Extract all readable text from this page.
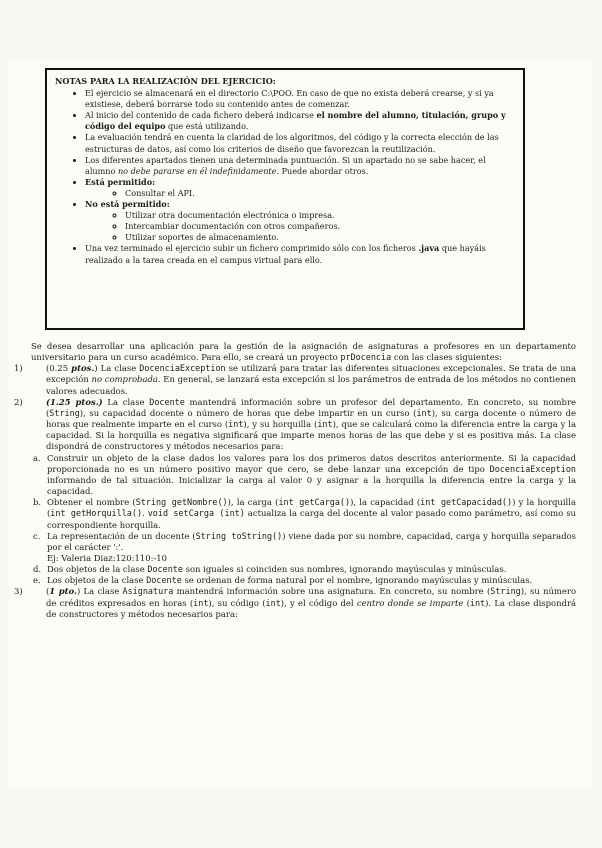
NOTAS PARA LA REALIZACIÓN DEL EJERCICIO:
• El ejercicio se almacenará en el directorio C:\POO. En caso de que no exista deberá crearse, y si ya existiese, deberá borrarse todo su contenido antes de comenzar.
• Al inicio del contenido de cada fichero deberá indicarse el nombre del alumno, titulación, grupo y código del equipo que está utilizando.
• La evaluación tendrá en cuenta la claridad de los algoritmos, del código y la correcta elección de las estructuras de datos, así como los criterios de diseño que favorezcan la reutilización.
• Los diferentes apartados tienen una determinada puntuación. Si un apartado no se sabe hacer, el alumno no debe pararse en él indefinidamente. Puede abordar otros.
• Está permitido:
◦ Consultar el API.
• No está permitido:
◦ Utilizar otra documentación electrónica o impresa.
◦ Intercambiar documentación con otros compañeros.
◦ Utilizar soportes de almacenamiento.
• Una vez terminado el ejercicio subir un fichero comprimido sólo con los ficheros .java que hayáis realizado a la tarea creada en el campus virtual para ello.

Se desea desarrollar una aplicación para la gestión de la asignación de asignaturas a profesores en un departamento universitario para un curso académico. Para ello, se creará un proyecto prDocencia con las clases siguientes:

1)	(0.25 ptos.) La clase DocenciaException se utilizará para tratar las diferentes situaciones excepcionales. Se trata de una excepción no comprobada. En general, se lanzará esta excepción si los parámetros de entrada de los métodos no contienen valores adecuados.

2)	(1.25 ptos.) La clase Docente mantendrá información sobre un profesor del departamento. En concreto, su nombre (String), su capacidad docente o número de horas que debe impartir en un curso (int), su carga docente o número de horas que realmente imparte en el curso (int), y su horquilla (int), que se calculará como la diferencia entre la carga y la capacidad. Si la horquilla es negativa significará que imparte menos horas de las que debe y si es positiva más. La clase dispondrá de constructores y métodos necesarios para:

a. Construir un objeto de la clase dados los valores para los dos primeros datos descritos anteriormente. Si la capacidad proporcionada no es un número positivo mayor que cero, se debe lanzar una excepción de tipo DocenciaException informando de tal situación. Inicializar la carga al valor 0 y asignar a la horquilla la diferencia entre la carga y la capacidad.

b. Obtener el nombre (String getNombre()), la carga (int getCarga()), la capacidad (int getCapacidad()) y la horquilla (int getHorquilla(). void setCarga (int) actualiza la carga del docente al valor pasado como parámetro, así como su correspondiente horquilla.

c. La representación de un docente (String toString()) viene dada por su nombre, capacidad, carga y horquilla separados por el carácter ':'.
Ej: Valeria Diaz:120:110:-10

d. Dos objetos de la clase Docente son iguales si coinciden sus nombres, ignorando mayúsculas y minúsculas.

e. Los objetos de la clase Docente se ordenan de forma natural por el nombre, ignorando mayúsculas y minúsculas.

3)	(1 pto.) La clase Asignatura mantendrá información sobre una asignatura. En concreto, su nombre (String), su número de créditos expresados en horas (int), su código (int), y el código del centro donde se imparte (int). La clase dispondrá de constructores y métodos necesarios para:
